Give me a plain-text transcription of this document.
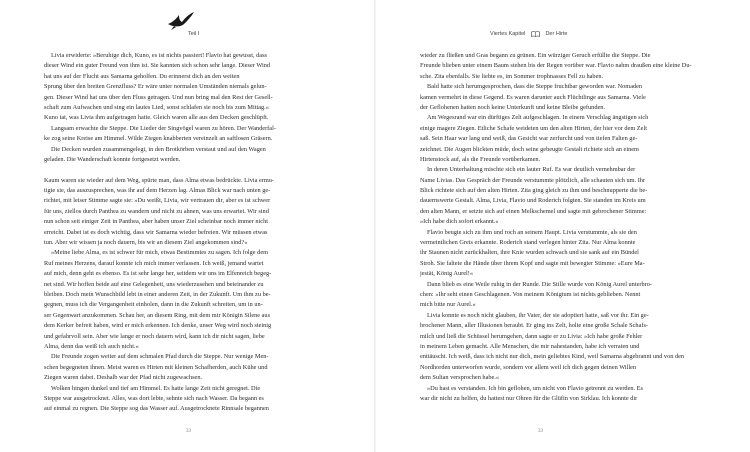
Teil I
Livia erwiderte: »Beruhige dich, Kuno, es ist nichts passiert! Flavio hat gewusst, dass
dieser Wind ein guter Freund von ihm ist. Sie kannten sich schon sehr lange. Dieser Wind
hat uns auf der Flucht aus Samarna geholfen. Du erinnerst dich an den weiten
Sprung über den breiten Grenzfluss? Er wäre unter normalen Umständen niemals gelun-
gen. Dieser Wind hat uns über den Fluss getragen. Und nun bring mal den Rest der Gesell-
schaft zum Aufwachen und sing ein lautes Lied, sonst schlafen sie noch bis zum Mittag.«
Kuno tat, was Livia ihm aufgetragen hatte. Gleich waren alle aus den Decken geschlüpft.
Langsam erwachte die Steppe. Die Lieder der Singvögel waren zu hören. Der Wanderfal-
ke zog seine Kreise am Himmel. Wilde Ziegen knabberten vereinzelt an saftlosen Gräsern.
Die Decken wurden zusammengelegt, in den Brotkörben verstaut und auf den Wagen
geladen. Die Wanderschaft konnte fortgesetzt werden.
Kaum waren sie wieder auf dem Weg, spürte man, dass Alma etwas bedrückte. Livia ermu-
tigte sie, das auszusprechen, was ihr auf dem Herzen lag. Almas Blick war nach unten ge-
richtet, mit leiser Stimme sagte sie: »Du weißt, Livia, wir vertrauen dir, aber es ist schwer
für uns, ziellos durch Pantheа zu wandern und nicht zu ahnen, was uns erwartet. Wir sind
nun schon seit einiger Zeit in Pantheа, aber haben unser Ziel scheinbar noch immer nicht
erreicht. Dabei ist es doch wichtig, dass wir Samarna wieder befreien. Wir müssen etwas
tun. Aber wir wissen ja noch dauern, bis wir an diesem Ziel angekommen sind?«
»Meine liebe Alma, es ist schwer für mich, etwas Bestimmtes zu sagen. Ich folge dem
Ruf meines Herzens, darauf konnte ich mich immer verlassen. Ich weiß, jemand wartet
auf mich, denn geht es ebenso. Es ist sehr lange her, seitdem wir uns im Elfenreich begeg-
net sind. Wir hoffen beide auf eine Gelegenheit, uns wiederzusehen und beieinander zu
bleiben. Doch mein Wunschbild lebt in einer anderen Zeit, in der Zukunft. Um ihm zu be-
gegnen, muss ich die Vergangenheit einholen, dann in die Zukunft schreiten, um in un-
ser Gegenwart anzukommen. Schau her, an diesem Ring, mit dem mir Königin Silene aus
dem Kerker befreit haben, wird er mich erkennen. Ich denke, unser Weg wird noch steinig
und gefahrvoll sein. Aber wie lange er noch dauern wird, kann ich dir nicht sagen, liebe
Alma, denn das weiß ich auch nicht.«
Die Freunde zogen weiter auf dem schmalen Pfad durch die Steppe. Nur wenige Men-
schen begegneten ihnen. Meist waren es Hirten mit kleinen Schafherden, auch Kühe und
Ziegen waren dabei. Deshalb war der Pfad nicht zugewachsen.
Wolken hingen dunkel und tief am Himmel. Es hatte lange Zeit nicht geregnet. Die
Steppe war ausgetrocknet. Alles, was dort lebte, sehnte sich nach Wasser. Da begann es
auf einmal zu regnen. Die Steppe sog das Wasser auf. Ausgetrocknete Rinnsale begannen
33
Viertes Kapitel	Der Hirte
wieder zu fließen und Gras begann zu grünen. Ein würziger Geruch erfüllte die Steppe. Die
Freunde blieben unter einem Baum stehen bis der Regen vorüber war. Flavio nahm draußen eine kleine Du-
sche. Zita ebenfalls. Sie liebte es, im Sommer trophnasses Fell zu haben.
Bald hatte sich herumgesprochen, dass die Steppe fruchtbar geworden war. Nomaden
kamen vermehrt in diese Gegend. Es waren darunter auch Flüchtlinge aus Samarna. Viele
der Geflohenen hatten noch keine Unterkunft und keine Bleibe gefunden.
Am Wegesrand war ein dürftiges Zelt aufgeschlagen. In einem Verschlag ängstigen sich
einige magere Ziegen. Etliche Schafe weideten um den alten Hirten, der hier vor dem Zelt
saß. Sein Haar war lang und weiß, das Gesicht war zerfurcht und von tiefen Falten ge-
zeichnet. Die Augen blickten müde, doch seine gebeugte Gestalt richtete sich an einem
Hirtenstock auf, als die Freunde vorüberkamen.
In deren Unterhaltung mischte sich ein lauter Ruf. Es war deutlich vernehmbar der
Name Livias. Das Gespräch der Freunde verstummte plötzlich, alle schauten sich um. Ihr
Blick richtete sich auf den alten Hirten. Zita ging gleich zu ihm und beschnupperte die be-
dauernswerte Gestalt. Alma, Livia, Flavio und Roderich folgten. Sie standen im Kreis um
den alten Mann, er setzte sich auf einen Melkschemel und sagte mit gebrochener Stimme:
»Ich habe dich sofort erkannt.«
Flavio beugte sich zu ihm und roch an seinem Haupt. Livia verstummte, als sie den
vermeintlichen Greis erkannte. Roderich stand verlegen hinter Zita. Nur Alma konnte
ihr Staunen nicht zurückhalten, ihre Knie wurden schwach und sie sank auf ein Bündel
Stroh. Sie faltete die Hände über ihrem Kopf und sagte mit bewegter Stimme: »Eure Ma-
jestät, König Aurel!«
Dann blieb es eine Weile ruhig in der Runde. Die Stille wurde von König Aurel unterbro-
chen: »Ihr seht einen Geschlagenen. Von meinem Königtum ist nichts geblieben. Nennt
mich bitte nur Aurel.«
Livia konnte es noch nicht glauben, ihr Vater, der sie adoptiert hatte, saß vor ihr. Ein ge-
brochener Mann, aller Illusionen beraubt. Er ging ins Zelt, holte eine große Schale Schafs-
milch und ließ die Schüssel herumgehen, dann sagte er zu Livia: »Ich habe große Fehler
in meinem Leben gemacht. Alle Menschen, die mir nahestanden, habe ich verraten und
enttäuscht. Ich weiß, dass ich nicht nur dich, mein geliebtes Kind, weil Samarna abgebrannt und von den
Nordhorden unterworfen wurde, sondern vor allem weil ich dich gegen deinen Willen
dem Sultan versprochen habe.«
»Du hast es verstanden. Ich bin geflohen, um nicht von Flavio getrennt zu werden. Es
war dir nicht zu helfen, du hattest nur Ohren für die Glüfin von Sirklau. Ich konnte dir
33
